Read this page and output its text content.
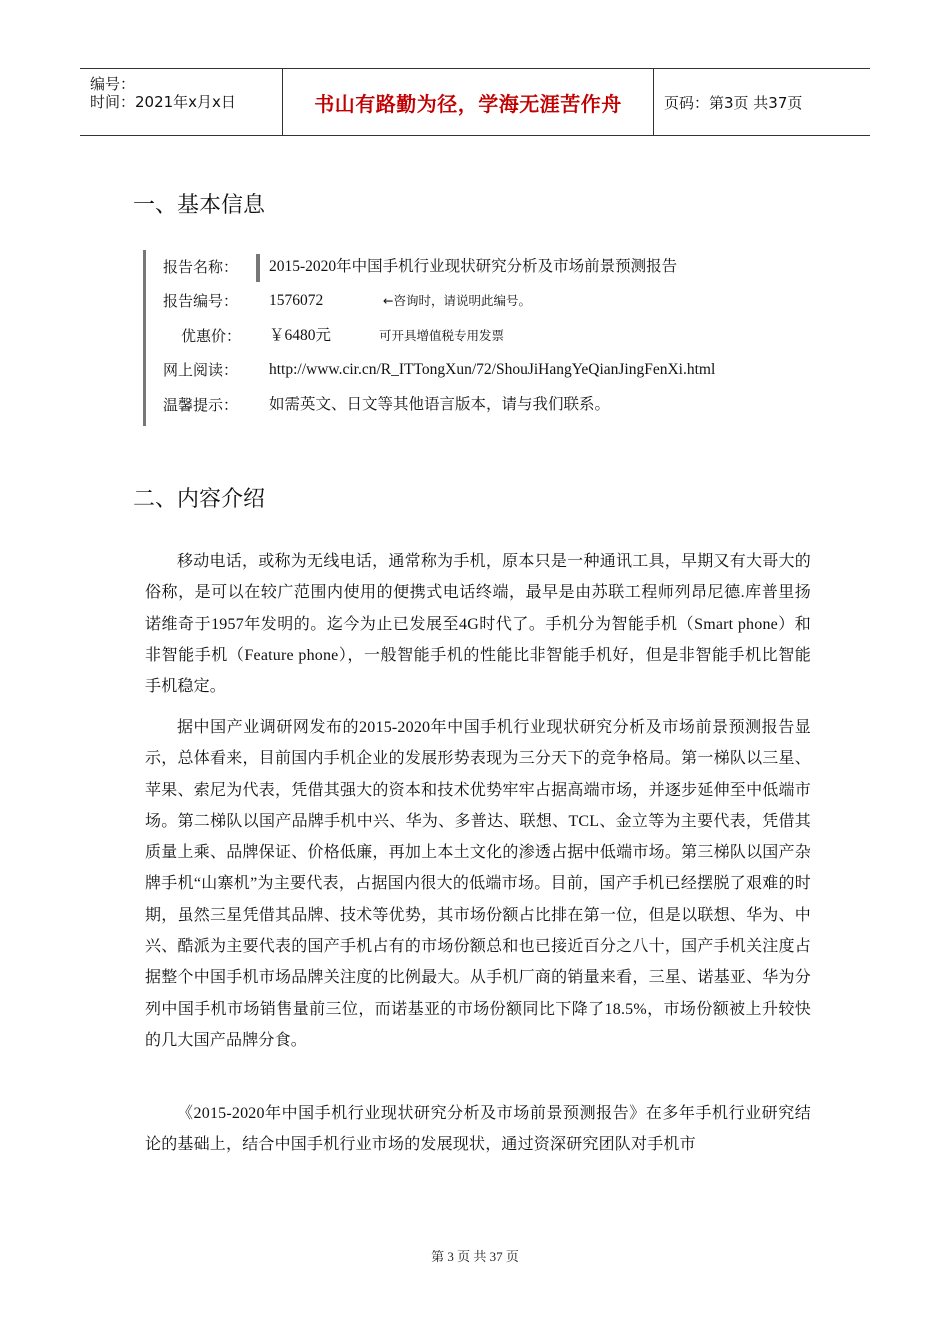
编号：
时间：2021年x月x日	书山有路勤为径，学海无涯苦作舟	页码：第3页 共37页
一、基本信息
报告名称：	2015-2020年中国手机行业现状研究分析及市场前景预测报告
报告编号：	1576072	←咨询时，请说明此编号。
优惠价：	￥6480元	可开具增值税专用发票
网上阅读：	http://www.cir.cn/R_ITTongXun/72/ShouJiHangYeQianJingFenXi.html
温馨提示：	如需英文、日文等其他语言版本，请与我们联系。
二、内容介绍
移动电话，或称为无线电话，通常称为手机，原本只是一种通讯工具，早期又有大哥大的俗称，是可以在较广范围内使用的便携式电话终端，最早是由苏联工程师列昂尼德.库普里扬诺维奇于1957年发明的。迄今为止已发展至4G时代了。手机分为智能手机（Smart phone）和非智能手机（Feature phone），一般智能手机的性能比非智能手机好，但是非智能手机比智能手机稳定。
据中国产业调研网发布的2015-2020年中国手机行业现状研究分析及市场前景预测报告显示，总体看来，目前国内手机企业的发展形势表现为三分天下的竞争格局。第一梯队以三星、苹果、索尼为代表，凭借其强大的资本和技术优势牢牢占据高端市场，并逐步延伸至中低端市场。第二梯队以国产品牌手机中兴、华为、多普达、联想、TCL、金立等为主要代表，凭借其质量上乘、品牌保证、价格低廉，再加上本土文化的渗透占据中低端市场。第三梯队以国产杂牌手机“山寨机”为主要代表，占据国内很大的低端市场。目前，国产手机已经摆脱了艰难的时期，虽然三星凭借其品牌、技术等优势，其市场份额占比排在第一位，但是以联想、华为、中兴、酷派为主要代表的国产手机占有的市场份额总和也已接近百分之八十，国产手机关注度占据整个中国手机市场品牌关注度的比例最大。从手机厂商的销量来看，三星、诺基亚、华为分列中国手机市场销售量前三位，而诺基亚的市场份额同比下降了18.5%，市场份额被上升较快的几大国产品牌分食。
《2015-2020年中国手机行业现状研究分析及市场前景预测报告》在多年手机行业研究结论的基础上，结合中国手机行业市场的发展现状，通过资深研究团队对手机市
第 3 页 共 37 页
